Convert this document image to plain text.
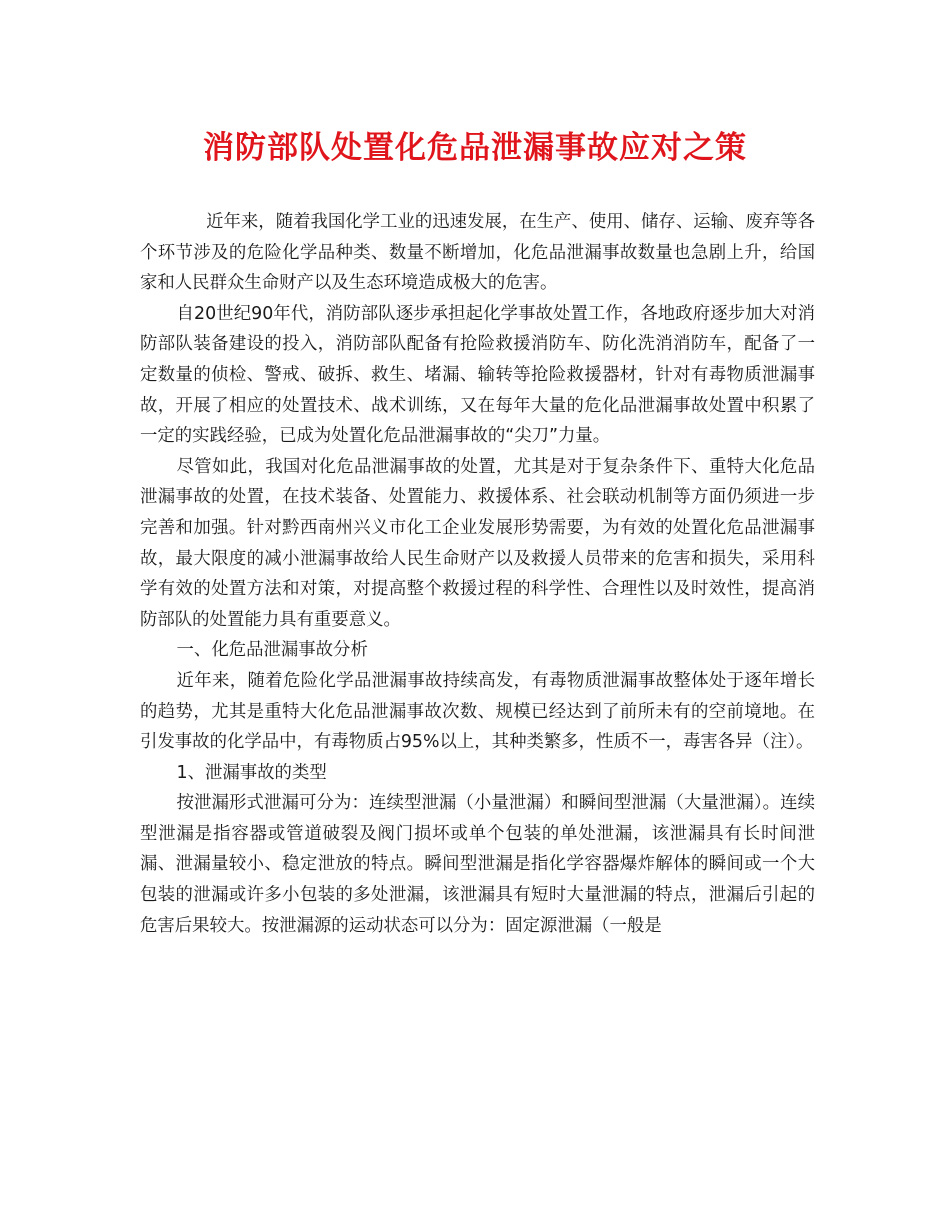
消防部队处置化危品泄漏事故应对之策

近年来，随着我国化学工业的迅速发展，在生产、使用、储存、运输、废弃等各个环节涉及的危险化学品种类、数量不断增加，化危品泄漏事故数量也急剧上升，给国家和人民群众生命财产以及生态环境造成极大的危害。

自20世纪90年代，消防部队逐步承担起化学事故处置工作，各地政府逐步加大对消防部队装备建设的投入，消防部队配备有抢险救援消防车、防化洗消消防车，配备了一定数量的侦检、警戒、破拆、救生、堵漏、输转等抢险救援器材，针对有毒物质泄漏事故，开展了相应的处置技术、战术训练，又在每年大量的危化品泄漏事故处置中积累了一定的实践经验，已成为处置化危品泄漏事故的“尖刀”力量。

尽管如此，我国对化危品泄漏事故的处置，尤其是对于复杂条件下、重特大化危品泄漏事故的处置，在技术装备、处置能力、救援体系、社会联动机制等方面仍须进一步完善和加强。针对黔西南州兴义市化工企业发展形势需要，为有效的处置化危品泄漏事故，最大限度的减小泄漏事故给人民生命财产以及救援人员带来的危害和损失，采用科学有效的处置方法和对策，对提高整个救援过程的科学性、合理性以及时效性，提高消防部队的处置能力具有重要意义。

一、化危品泄漏事故分析

近年来，随着危险化学品泄漏事故持续高发，有毒物质泄漏事故整体处于逐年增长的趋势，尤其是重特大化危品泄漏事故次数、规模已经达到了前所未有的空前境地。在引发事故的化学品中，有毒物质占95%以上，其种类繁多，性质不一，毒害各异（注）。

1、泄漏事故的类型

按泄漏形式泄漏可分为：连续型泄漏（小量泄漏）和瞬间型泄漏（大量泄漏）。连续型泄漏是指容器或管道破裂及阀门损坏或单个包装的单处泄漏，该泄漏具有长时间泄漏、泄漏量较小、稳定泄放的特点。瞬间型泄漏是指化学容器爆炸解体的瞬间或一个大包装的泄漏或许多小包装的多处泄漏，该泄漏具有短时大量泄漏的特点，泄漏后引起的危害后果较大。按泄漏源的运动状态可以分为：固定源泄漏（一般是
